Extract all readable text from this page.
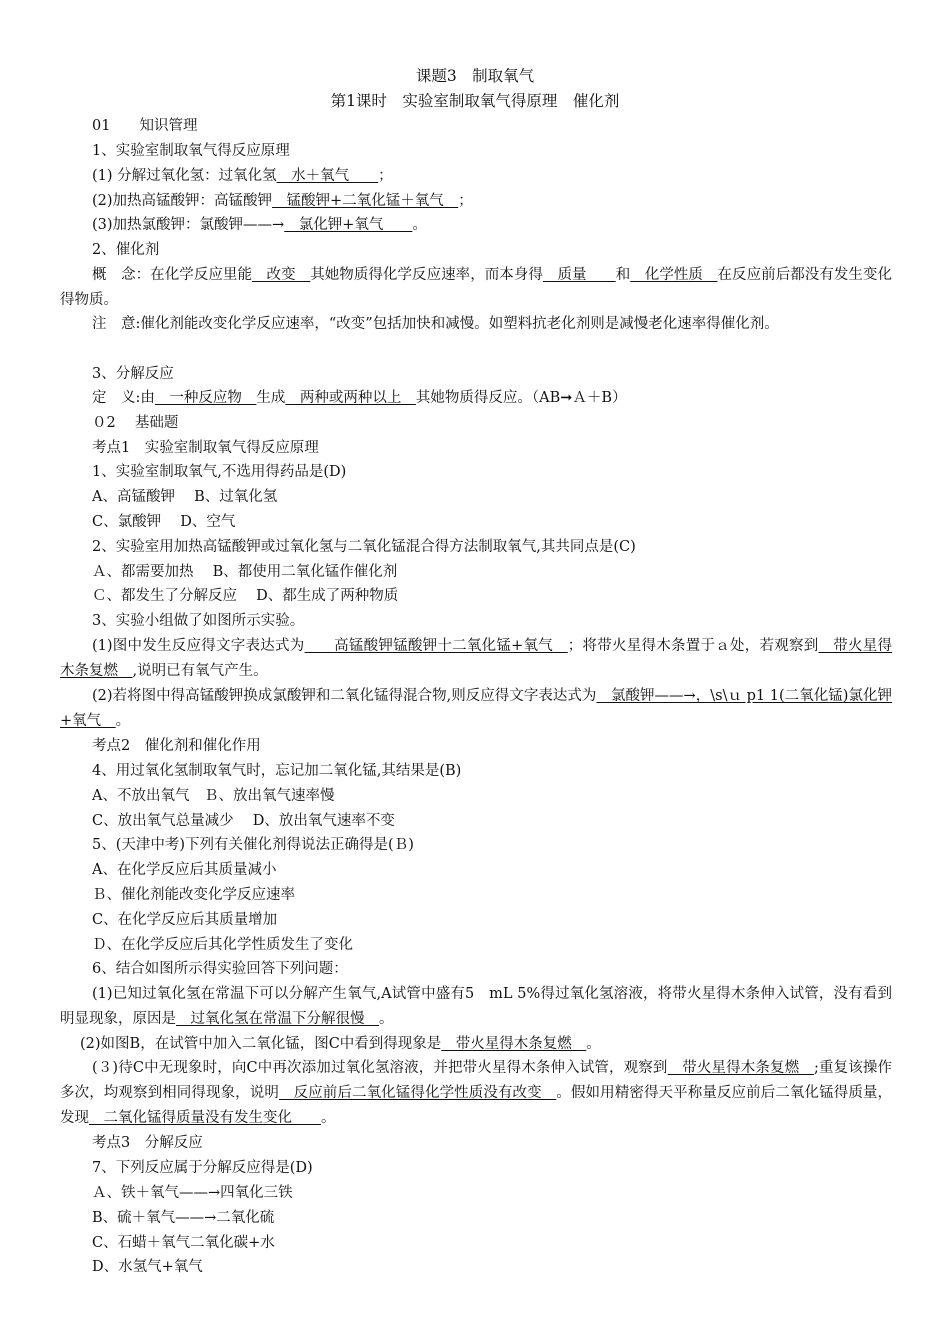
课题3　制取氧气
第1课时　实验室制取氧气得原理　催化剂
01　　知识管理
1、实验室制取氧气得反应原理
(1) 分解过氧化氢：过氧化氢　水＋氧气　　；
(2)加热高锰酸钾：高锰酸钾　锰酸钾+二氧化锰＋氧气　；
(3)加热氯酸钾：氯酸钾——→　氯化钾+氧气　　。
2、催化剂
概　念：在化学反应里能　改变　其她物质得化学反应速率，而本身得　质量　　和　化学性质　在反应前后都没有发生变化得物质。
注　意:催化剂能改变化学反应速率，“改变”包括加快和减慢。如塑料抗老化剂则是减慢老化速率得催化剂。
3、分解反应
定　义:由　一种反应物　生成　两种或两种以上　其她物质得反应。（AB➞Ａ＋B）
０2　 基础题
考点1　实验室制取氧气得反应原理
1、实验室制取氧气,不选用得药品是(D)
A、高锰酸钾　 B、过氧化氢
C、氯酸钾　 D、空气
2、实验室用加热高锰酸钾或过氧化氢与二氧化锰混合得方法制取氧气,其共同点是(C)
Ａ、都需要加热　 B、都使用二氧化锰作催化剂
Ｃ、都发生了分解反应　 D、都生成了两种物质
3、实验小组做了如图所示实验。
(1)图中发生反应得文字表达式为　　高锰酸钾锰酸钾十二氧化锰+氧气　；将带火星得木条置于ａ处，若观察到　带火星得木条复燃　,说明已有氧气产生。
(2)若将图中得高锰酸钾换成氯酸钾和二氧化锰得混合物,则反应得文字表达式为　氯酸钾——→，\s\ｕ p1 1(二氧化锰)氯化钾+氧气　。
考点2　催化剂和催化作用
4、用过氧化氢制取氧气时，忘记加二氧化锰,其结果是(B)
A、不放出氧气　Ｂ、放出氧气速率慢
C、放出氧气总量减少　 D、放出氧气速率不变
5、(天津中考)下列有关催化剂得说法正确得是(Ｂ)
A、在化学反应后其质量减小
Ｂ、催化剂能改变化学反应速率
C、在化学反应后其质量增加
Ｄ、在化学反应后其化学性质发生了变化
6、结合如图所示得实验回答下列问题：
(1)已知过氧化氢在常温下可以分解产生氧气,A试管中盛有5　mL 5%得过氧化氢溶液，将带火星得木条伸入试管，没有看到明显现象，原因是　过氧化氢在常温下分解很慢　。
(2)如图B，在试管中加入二氧化锰，图C中看到得现象是　带火星得木条复燃　。
(３)待C中无现象时，向C中再次添加过氧化氢溶液，并把带火星得木条伸入试管，观察到　带火星得木条复燃　;重复该操作多次，均观察到相同得现象，说明　反应前后二氧化锰得化学性质没有改变　。假如用精密得天平称量反应前后二氧化锰得质量，发现　二氧化锰得质量没有发生变化　　。
考点3　分解反应
7、下列反应属于分解反应得是(D)
Ａ、铁＋氧气——→四氧化三铁
B、硫＋氧气——→二氧化硫
C、石蜡＋氧气二氧化碳+水
D、水氢气+氧气
